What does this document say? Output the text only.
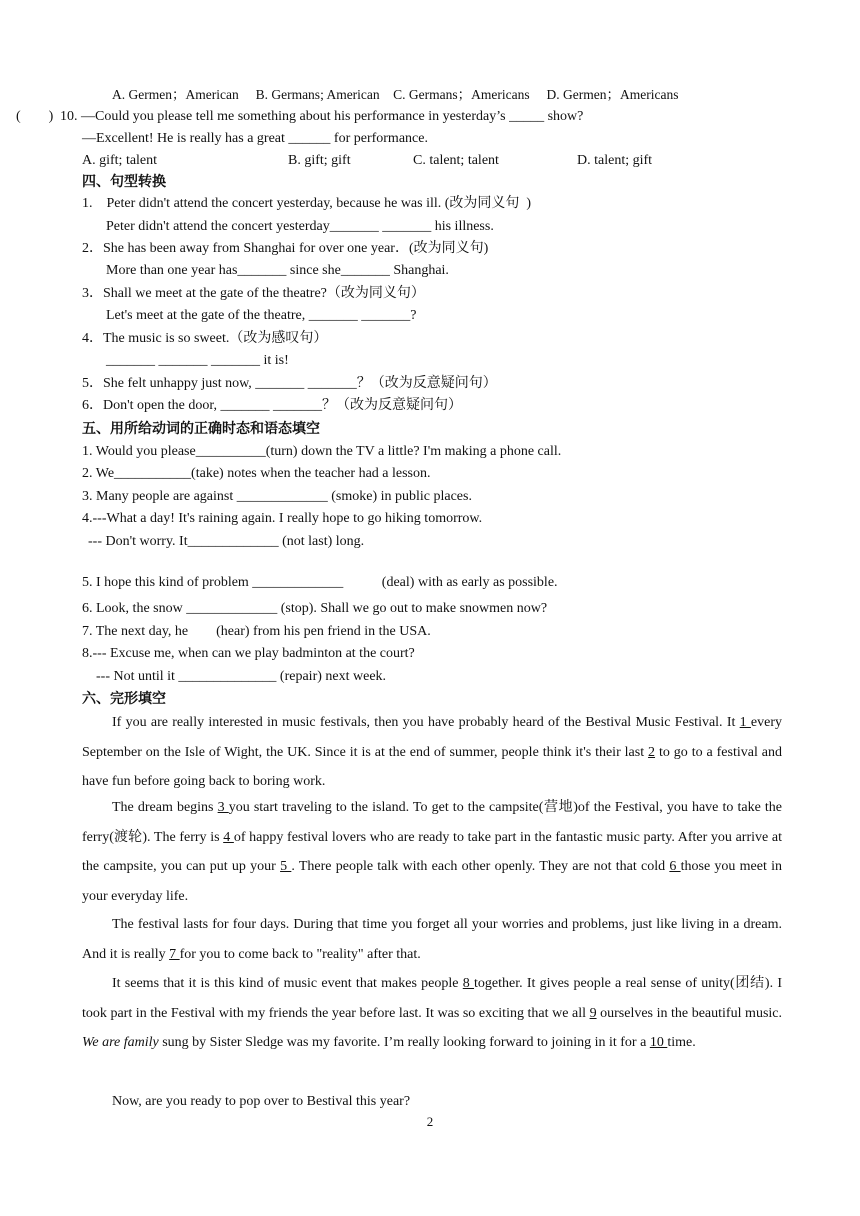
A. Germen；American　 B. Germans; American　C. Germans；Americans　 D. Germen；Americans
(        ) 10. —Could you please tell me something about his performance in yesterday’s _____ show?
—Excellent! He is really has a great ______ for performance.
A. gift; talent	B. gift; gift	C. talent; talent	D. talent; gift
四、句型转换
1.    Peter didn't attend the concert yesterday, because he was ill. (改为同义句  )
Peter didn't attend the concert yesterday_______ _______ his illness.
2．She has been away from Shanghai for over one year．(改为同义句)
More than one year has_______ since she_______ Shanghai.
3．Shall we meet at the gate of the theatre?（改为同义句）
Let's meet at the gate of the theatre, _______ _______?
4．The music is so sweet.（改为感叹句）
_______ _______ _______ it is!
5．She felt unhappy just now, _______ _______？（改为反意疑问句）
6．Don't open the door, _______ _______？（改为反意疑问句）
五、用所给动词的正确时态和语态填空
1. Would you please__________(turn) down the TV a little? I'm making a phone call.
2. We___________(take) notes when the teacher had a lesson.
3. Many people are against _____________ (smoke) in public places.
4.---What a day! It's raining again. I really hope to go hiking tomorrow.
--- Don't worry. It_____________ (not last) long.
5. I hope this kind of problem _____________           (deal) with as early as possible.
6. Look, the snow _____________ (stop). Shall we go out to make snowmen now?
7. The next day, he        (hear) from his pen friend in the USA.
8.--- Excuse me, when can we play badminton at the court?
--- Not until it ______________ (repair) next week.
六、完形填空
If you are really interested in music festivals, then you have probably heard of the Bestival Music Festival. It 1 every September on the Isle of Wight, the UK. Since it is at the end of summer, people think it's their last 2 to go to a festival and have fun before going back to boring work.
The dream begins 3 you start traveling to the island. To get to the campsite(营地)of the Festival, you have to take the ferry(渡轮). The ferry is 4 of happy festival lovers who are ready to take part in the fantastic music party. After you arrive at the campsite, you can put up your 5 . There people talk with each other openly. They are not that cold 6 those you meet in your everyday life.
The festival lasts for four days. During that time you forget all your worries and problems, just like living in a dream. And it is really 7 for you to come back to "reality" after that.
It seems that it is this kind of music event that makes people 8 together. It gives people a real sense of unity(团结). I took part in the Festival with my friends the year before last. It was so exciting that we all 9 ourselves in the beautiful music. We are family sung by Sister Sledge was my favorite. I’m really looking forward to joining in it for a 10 time.
Now, are you ready to pop over to Bestival this year?
2
